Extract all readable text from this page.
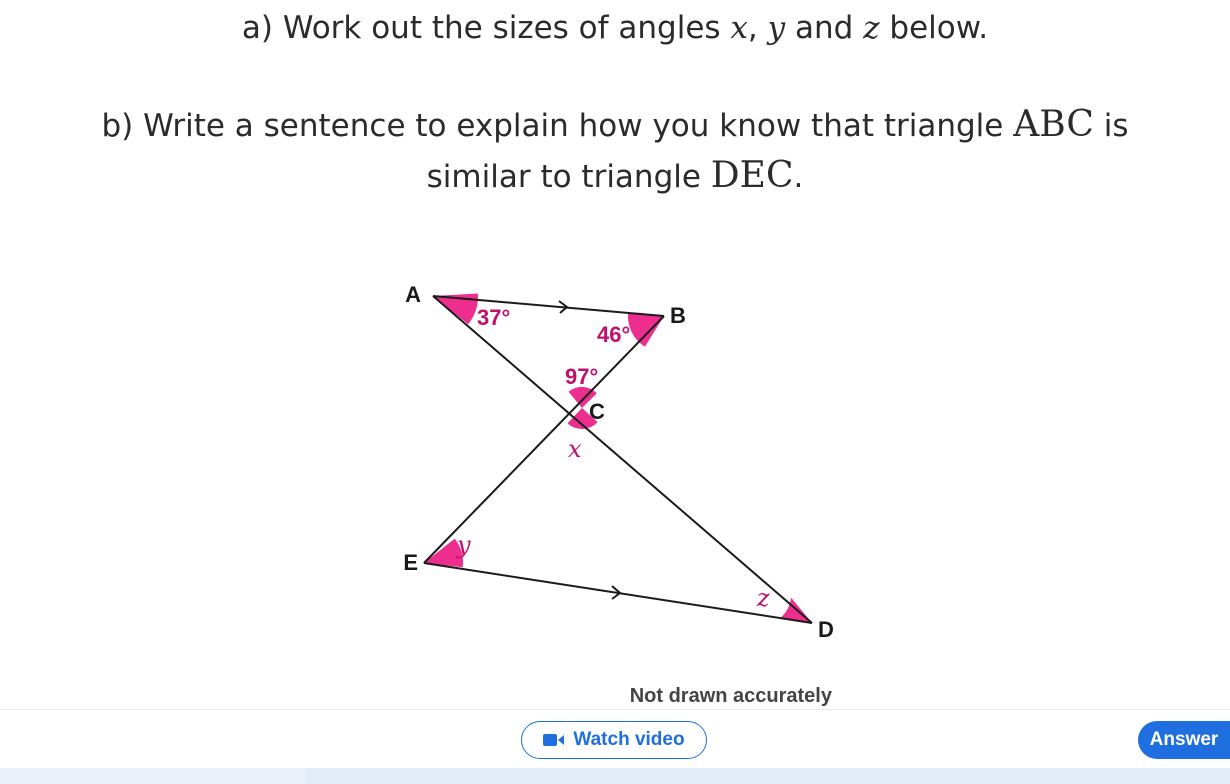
a) Work out the sizes of angles x, y and z below.
b) Write a sentence to explain how you know that triangle ABC is
similar to triangle DEC.
A
B
C
E
D
37°
46°
97°
x
y
z
Not drawn accurately
Watch video	Answer
